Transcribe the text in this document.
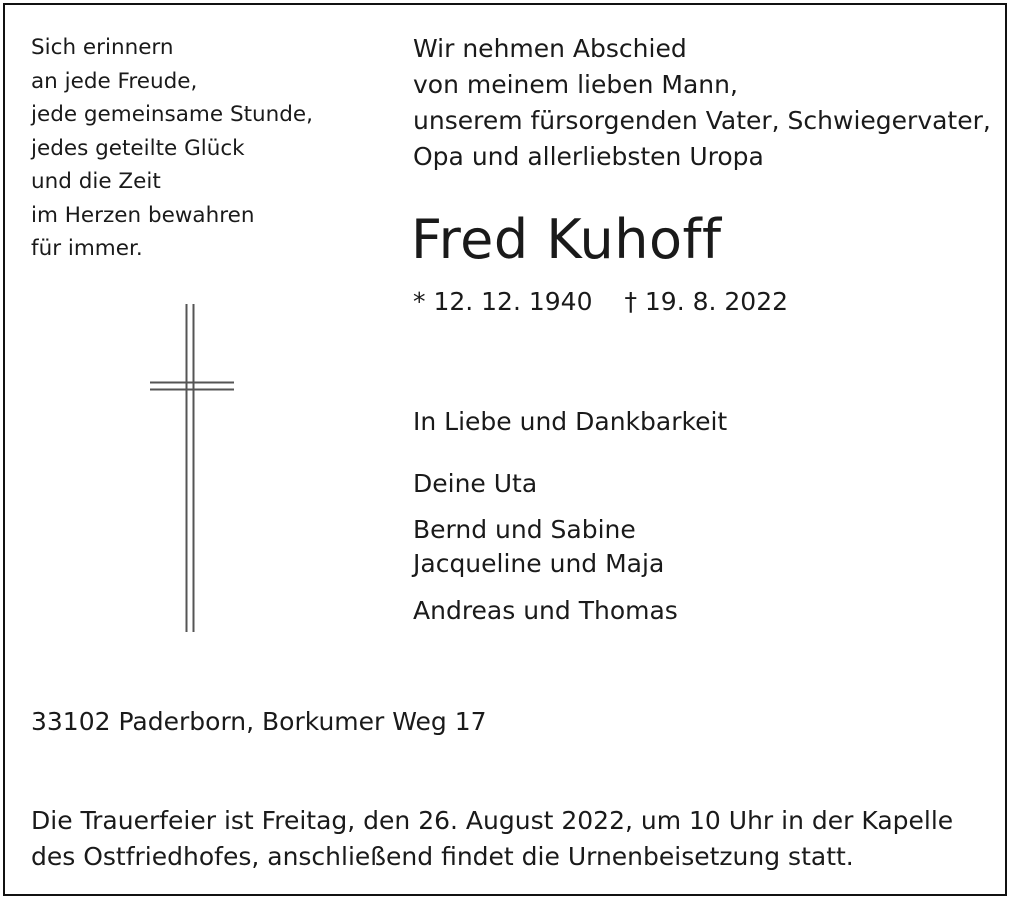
Sich erinnern
an jede Freude,
jede gemeinsame Stunde,
jedes geteilte Glück
und die Zeit
im Herzen bewahren
für immer.
Wir nehmen Abschied
von meinem lieben Mann,
unserem fürsorgenden Vater, Schwiegervater,
Opa und allerliebsten Uropa
Fred Kuhoff
* 12. 12. 1940 † 19. 8. 2022
In Liebe und Dankbarkeit
Deine Uta
Bernd und Sabine
Jacqueline und Maja
Andreas und Thomas
33102 Paderborn, Borkumer Weg 17
Die Trauerfeier ist Freitag, den 26. August 2022, um 10 Uhr in der Kapelle
des Ostfriedhofes, anschließend findet die Urnenbeisetzung statt.
